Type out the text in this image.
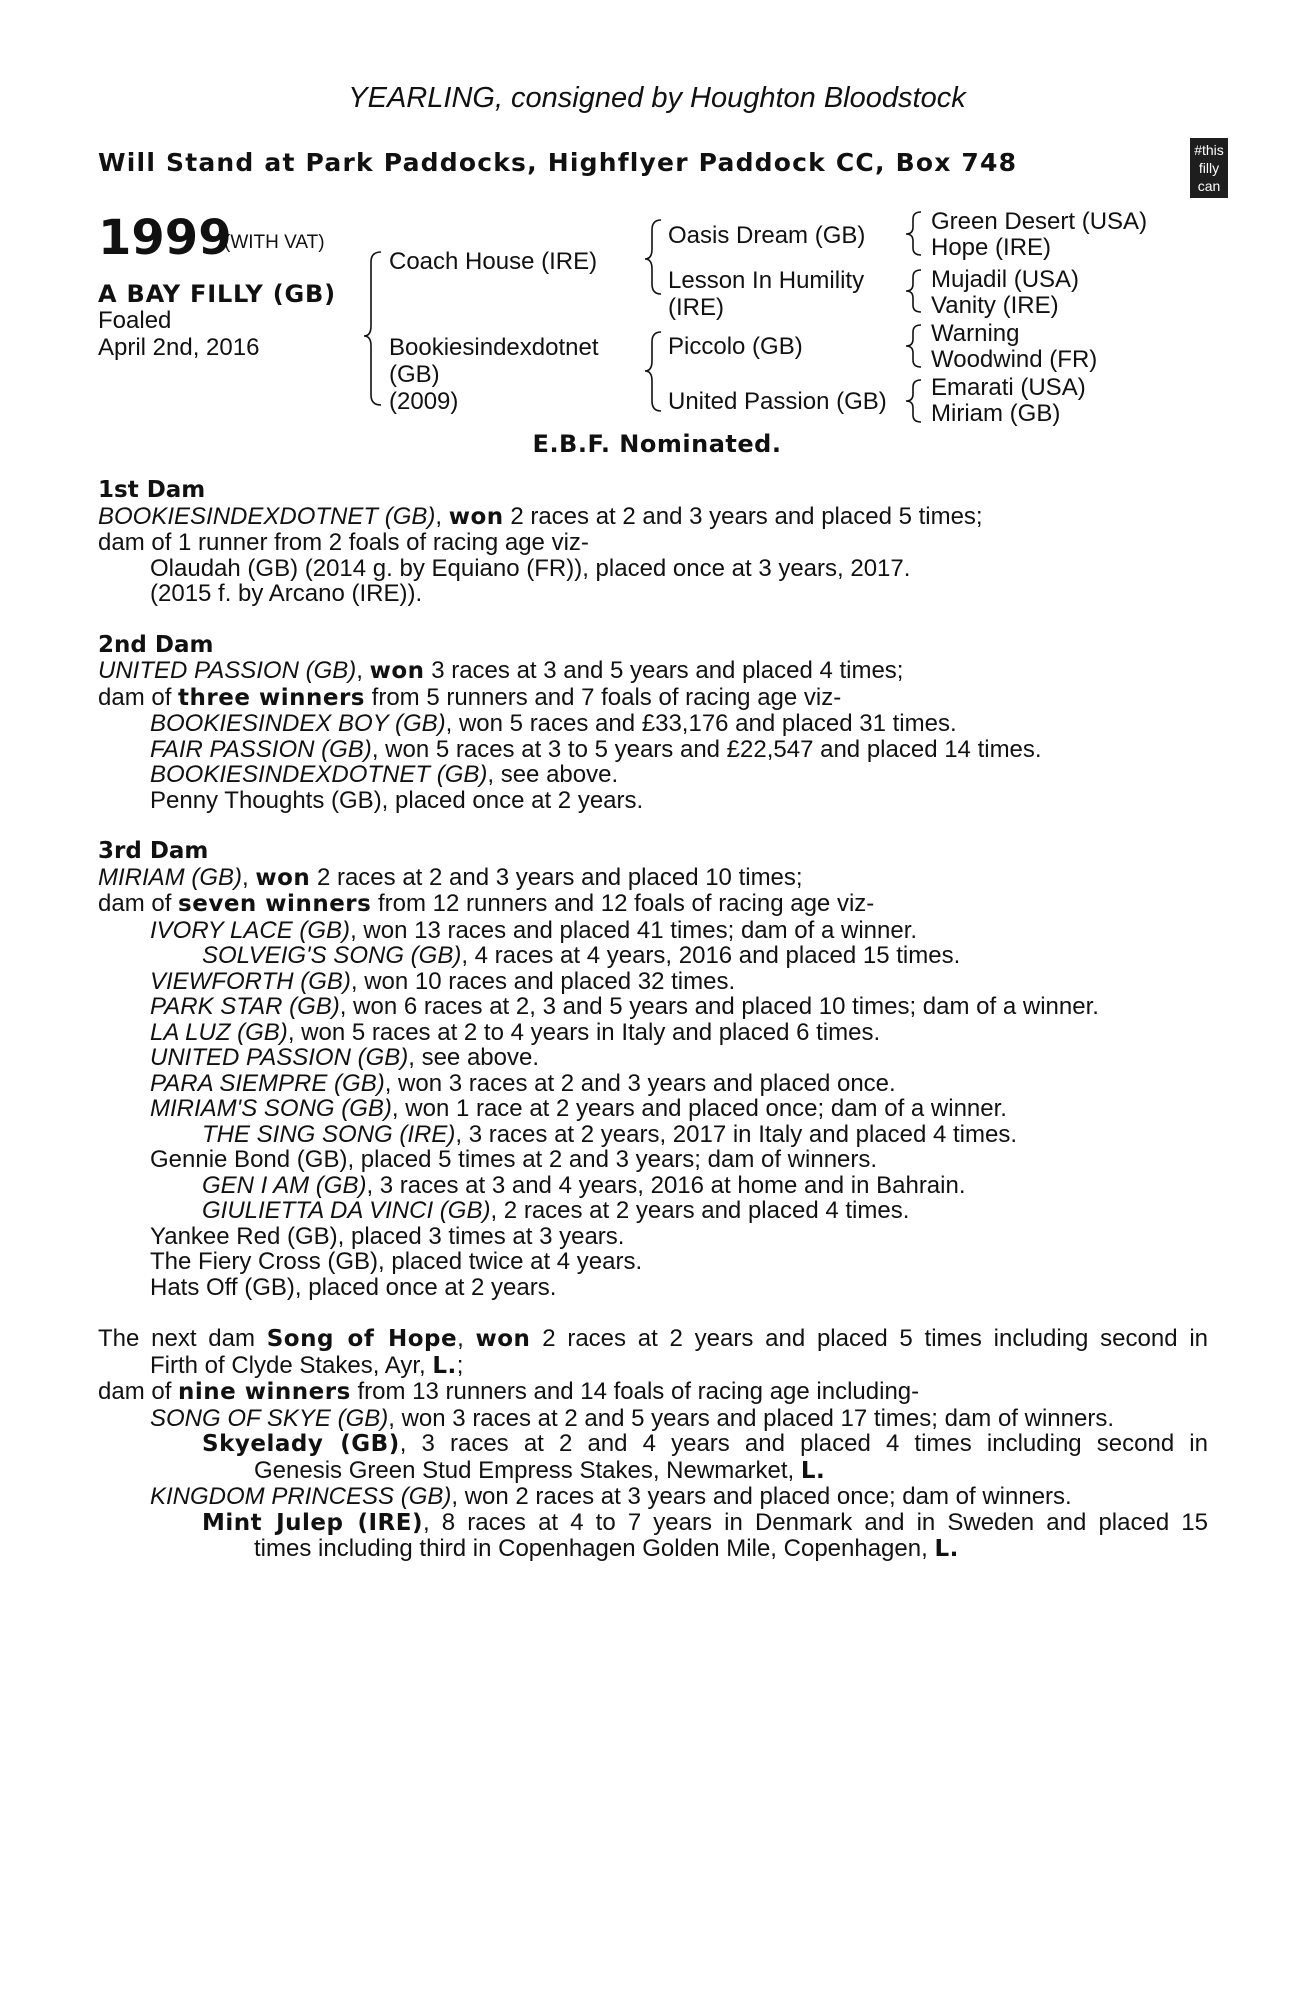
YEARLING, consigned by Houghton Bloodstock
Will Stand at Park Paddocks, Highflyer Paddock CC, Box 748	#this
filly
can
1999
(WITH VAT)
A BAY FILLY (GB)
Foaled
April 2nd, 2016
Coach House (IRE)
Bookiesindexdotnet
(GB)
(2009)
Oasis Dream (GB)
Lesson In Humility
(IRE)
Piccolo (GB)
United Passion (GB)
Green Desert (USA)
Hope (IRE)
Mujadil (USA)
Vanity (IRE)
Warning
Woodwind (FR)
Emarati (USA)
Miriam (GB)
E.B.F. Nominated.
1st Dam
BOOKIESINDEXDOTNET (GB), won 2 races at 2 and 3 years and placed 5 times;
dam of 1 runner from 2 foals of racing age viz-
Olaudah (GB) (2014 g. by Equiano (FR)), placed once at 3 years, 2017.
(2015 f. by Arcano (IRE)).
2nd Dam
UNITED PASSION (GB), won 3 races at 3 and 5 years and placed 4 times;
dam of three winners from 5 runners and 7 foals of racing age viz-
BOOKIESINDEX BOY (GB), won 5 races and £33,176 and placed 31 times.
FAIR PASSION (GB), won 5 races at 3 to 5 years and £22,547 and placed 14 times.
BOOKIESINDEXDOTNET (GB), see above.
Penny Thoughts (GB), placed once at 2 years.
3rd Dam
MIRIAM (GB), won 2 races at 2 and 3 years and placed 10 times;
dam of seven winners from 12 runners and 12 foals of racing age viz-
IVORY LACE (GB), won 13 races and placed 41 times; dam of a winner.
SOLVEIG'S SONG (GB), 4 races at 4 years, 2016 and placed 15 times.
VIEWFORTH (GB), won 10 races and placed 32 times.
PARK STAR (GB), won 6 races at 2, 3 and 5 years and placed 10 times; dam of a winner.
LA LUZ (GB), won 5 races at 2 to 4 years in Italy and placed 6 times.
UNITED PASSION (GB), see above.
PARA SIEMPRE (GB), won 3 races at 2 and 3 years and placed once.
MIRIAM'S SONG (GB), won 1 race at 2 years and placed once; dam of a winner.
THE SING SONG (IRE), 3 races at 2 years, 2017 in Italy and placed 4 times.
Gennie Bond (GB), placed 5 times at 2 and 3 years; dam of winners.
GEN I AM (GB), 3 races at 3 and 4 years, 2016 at home and in Bahrain.
GIULIETTA DA VINCI (GB), 2 races at 2 years and placed 4 times.
Yankee Red (GB), placed 3 times at 3 years.
The Fiery Cross (GB), placed twice at 4 years.
Hats Off (GB), placed once at 2 years.
The next dam Song of Hope, won 2 races at 2 years and placed 5 times including second in
Firth of Clyde Stakes, Ayr, L.;
dam of nine winners from 13 runners and 14 foals of racing age including-
SONG OF SKYE (GB), won 3 races at 2 and 5 years and placed 17 times; dam of winners.
Skyelady (GB), 3 races at 2 and 4 years and placed 4 times including second in
Genesis Green Stud Empress Stakes, Newmarket, L.
KINGDOM PRINCESS (GB), won 2 races at 3 years and placed once; dam of winners.
Mint Julep (IRE), 8 races at 4 to 7 years in Denmark and in Sweden and placed 15
times including third in Copenhagen Golden Mile, Copenhagen, L.
